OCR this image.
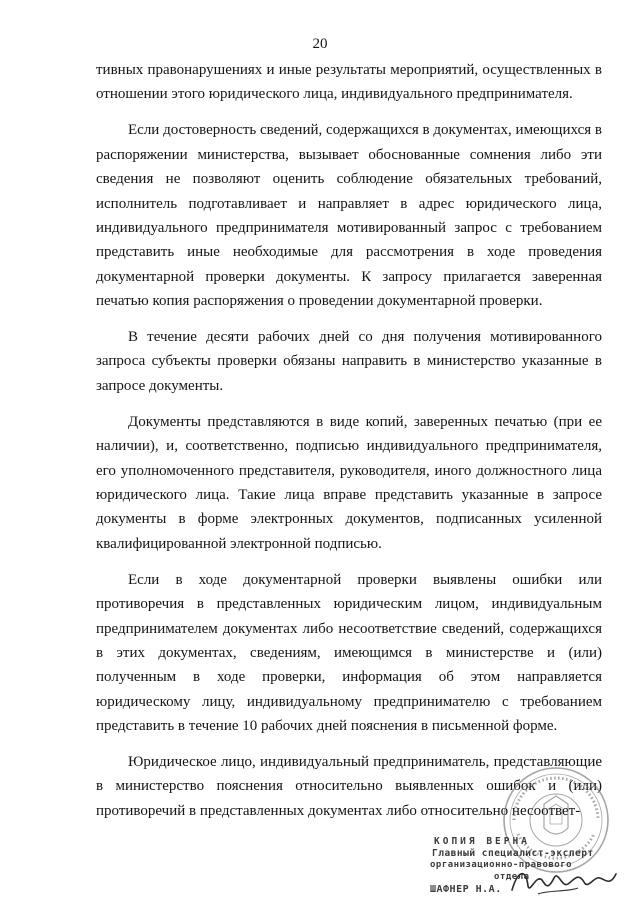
20

тивных правонарушениях и иные результаты мероприятий, осуществленных в отношении этого юридического лица, индивидуального предпринимателя.

Если достоверность сведений, содержащихся в документах, имеющихся в распоряжении министерства, вызывает обоснованные сомнения либо эти сведения не позволяют оценить соблюдение обязательных требований, исполнитель подготавливает и направляет в адрес юридического лица, индивидуального предпринимателя мотивированный запрос с требованием представить иные необходимые для рассмотрения в ходе проведения документарной проверки документы. К запросу прилагается заверенная печатью копия распоряжения о проведении документарной проверки.

В течение десяти рабочих дней со дня получения мотивированного запроса субъекты проверки обязаны направить в министерство указанные в запросе документы.

Документы представляются в виде копий, заверенных печатью (при ее наличии), и, соответственно, подписью индивидуального предпринимателя, его уполномоченного представителя, руководителя, иного должностного лица юридического лица. Такие лица вправе представить указанные в запросе документы в форме электронных документов, подписанных усиленной квалифицированной электронной подписью.

Если в ходе документарной проверки выявлены ошибки или противоречия в представленных юридическим лицом, индивидуальным предпринимателем документах либо несоответствие сведений, содержащихся в этих документах, сведениям, имеющимся в министерстве и (или) полученным в ходе проверки, информация об этом направляется юридическому лицу, индивидуальному предпринимателю с требованием представить в течение 10 рабочих дней пояснения в письменной форме.

Юридическое лицо, индивидуальный предприниматель, представляющие в министерство пояснения относительно выявленных ошибок и (или) противоречий в представленных документах либо относительно несоответ-

КОПИЯ ВЕРНА
Главный специалист-эксперт
организационно-правового
отдела
ШАФНЕР Н.А.
